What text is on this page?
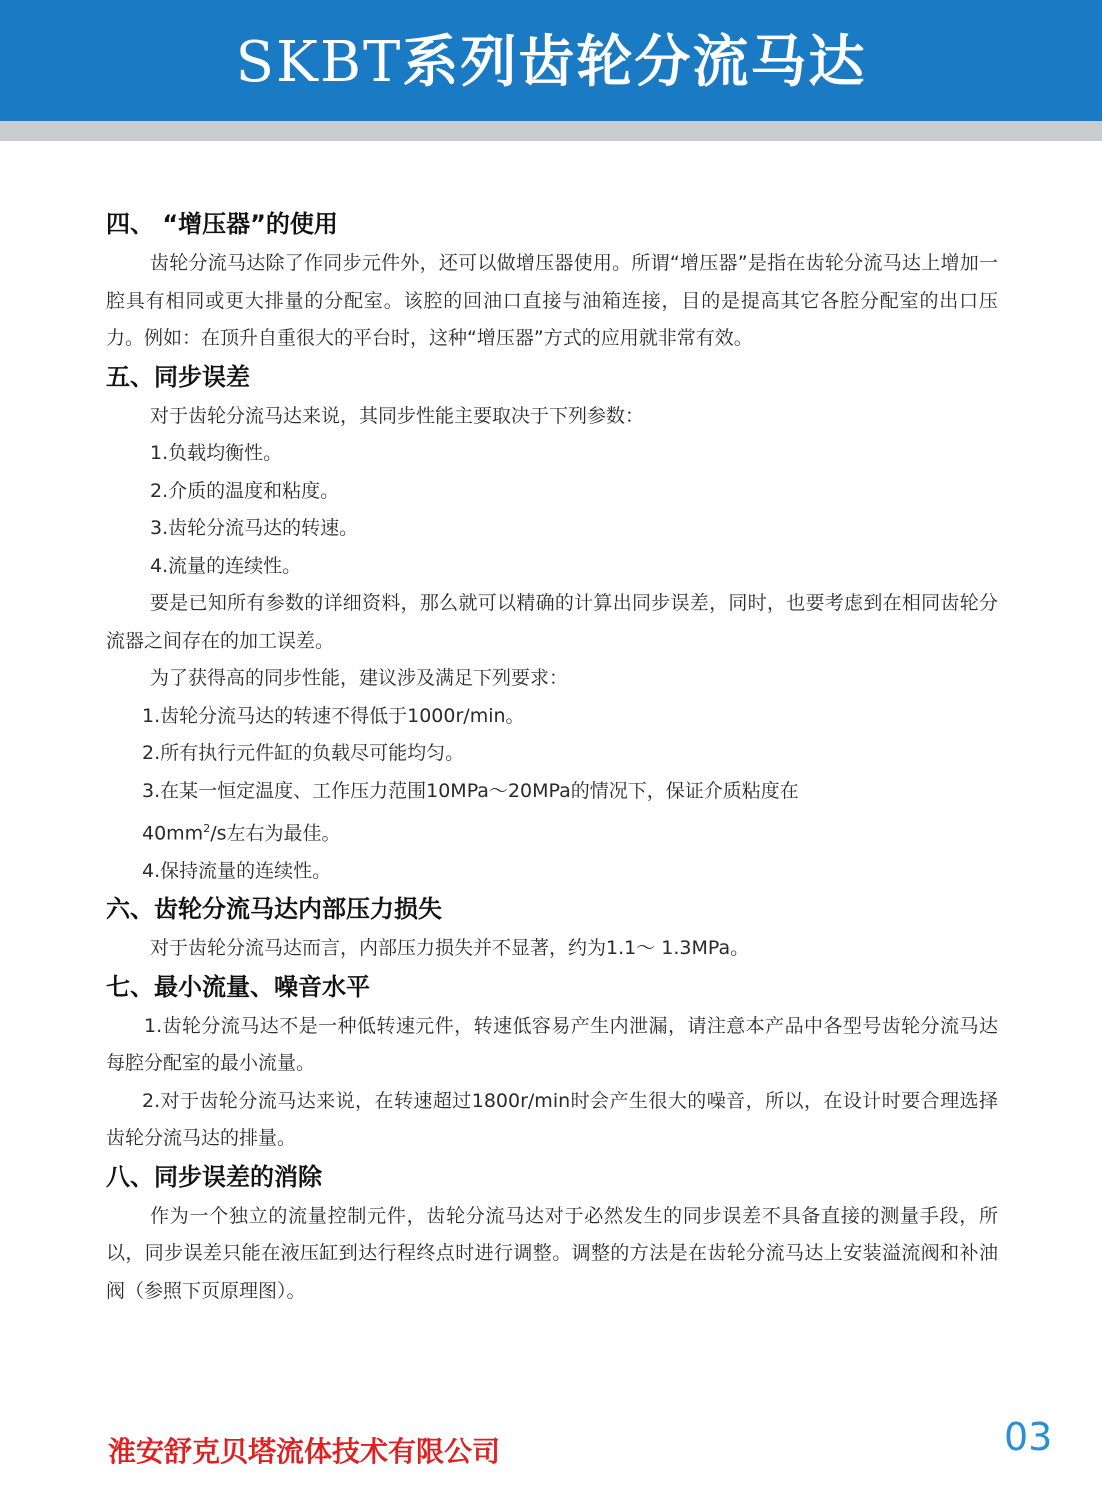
SKBT系列齿轮分流马达
四、 “增压器”的使用

齿轮分流马达除了作同步元件外，还可以做增压器使用。所谓“增压器”是指在齿轮分流马达上增加一腔具有相同或更大排量的分配室。该腔的回油口直接与油箱连接，目的是提高其它各腔分配室的出口压力。例如：在顶升自重很大的平台时，这种“增压器”方式的应用就非常有效。

五、同步误差

对于齿轮分流马达来说，其同步性能主要取决于下列参数：

1.负载均衡性。

2.介质的温度和粘度。

3.齿轮分流马达的转速。

4.流量的连续性。

要是已知所有参数的详细资料，那么就可以精确的计算出同步误差，同时，也要考虑到在相同齿轮分流器之间存在的加工误差。

为了获得高的同步性能，建议涉及满足下列要求：

1.齿轮分流马达的转速不得低于1000r/min。

2.所有执行元件缸的负载尽可能均匀。

3.在某一恒定温度、工作压力范围10MPa～20MPa的情况下，保证介质粘度在

$40mm^2/s$左右为最佳。

4.保持流量的连续性。

六、齿轮分流马达内部压力损失

对于齿轮分流马达而言，内部压力损失并不显著，约为1.1～ 1.3MPa。

七、最小流量、噪音水平

1.齿轮分流马达不是一种低转速元件，转速低容易产生内泄漏，请注意本产品中各型号齿轮分流马达每腔分配室的最小流量。

2.对于齿轮分流马达来说，在转速超过1800r/min时会产生很大的噪音，所以，在设计时要合理选择齿轮分流马达的排量。

八、同步误差的消除

作为一个独立的流量控制元件，齿轮分流马达对于必然发生的同步误差不具备直接的测量手段，所以，同步误差只能在液压缸到达行程终点时进行调整。调整的方法是在齿轮分流马达上安装溢流阀和补油阀（参照下页原理图）。

淮安舒克贝塔流体技术有限公司	03
